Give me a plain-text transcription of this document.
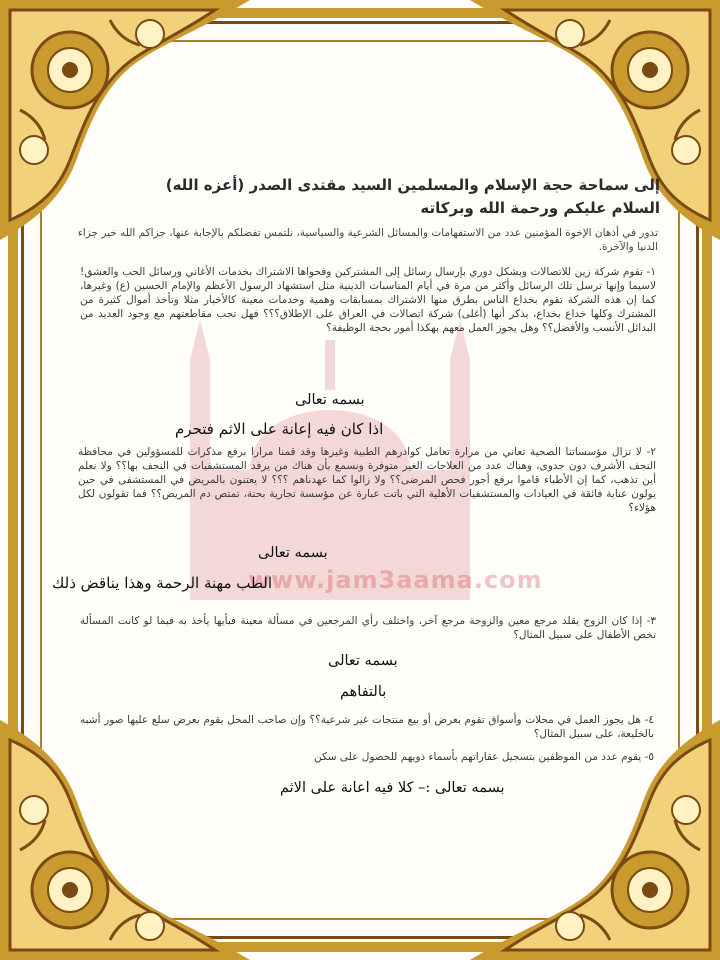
www.jam3aama.com
إلى سماحة حجة الإسلام والمسلمين السيد مقتدى الصدر (أعزه الله)
السلام عليكم ورحمة الله وبركاته
تدور في أذهان الإخوة المؤمنين عدد من الاستفهامات والمسائل الشرعية والسياسية، نلتمس تفضلكم بالإجابة عنها، جزاكم الله خير جزاء الدنيا والآخرة.
١- تقوم شركة زين للاتصالات وبشكل دوري بإرسال رسائل إلى المشتركين وفحواها الاشتراك بخدمات الأغاني ورسائل الحب والعشق! لاسيما وإنها ترسل تلك الرسائل وأكثر من مرة في أيام المناسبات الدينية مثل استشهاد الرسول الأعظم والإمام الحسين (ع) وغيرها، كما إن هذه الشركة تقوم بخداع الناس بطرق منها الاشتراك بمسابقات وهمية وخدمات معينة كالأخبار مثلا وتأخذ أموال كثيرة من المشترك وكلها خداع بخداع، يذكر أنها (أغلى) شركة اتصالات في العراق على الإطلاق؟؟؟ فهل تجب مقاطعتهم مع وجود العديد من البدائل الأنسب والأفضل؟؟ وهل يجوز العمل معهم بهكذا أمور بحجة الوظيفة؟
٢- لا تزال مؤسساتنا الصحية تعاني من مرارة تعامل كوادرهم الطبية وغيرها وقد قمنا مرارا برفع مذكرات للمسؤولين في محافظة النجف الأشرف دون جدوى، وهناك عدد من العلاجات الغير متوفرة ونسمع بأن هناك من يرفد المستشفيات في النجف بها؟؟ ولا نعلم أين تذهب، كما إن الأطباء قاموا برفع أجور فحص المرضى؟؟ ولا زالوا كما عهدناهم ؟؟؟ لا يعتنون بالمريض في المستشفى في حين يولون عناية فائقة في العيادات والمستشفيات الأهلية التي باتت عبارة عن مؤسسة تجارية بحتة، تمتص دم المريض؟؟ فما تقولون لكل هؤلاء؟
٣- إذا كان الزوج يقلد مرجع معين والزوجة مرجع آخر، واختلف رأي المرجعين في مسألة معينة فبأيها يأخذ به فيما لو كانت المسألة تخص الأطفال على سبيل المثال؟
٤- هل يجوز العمل في محلات وأسواق تقوم بعرض أو بيع منتجات غير شرعية؟؟ وإن صاحب المحل يقوم بعرض سلع عليها صور أشبه بالخليعة، على سبيل المثال؟
٥- يقوم عدد من الموظفين بتسجيل عقاراتهم بأسماء ذويهم للحصول على سكن
بسمه تعالى
اذا كان فيه إعانة على الاثم فتحرم
بسمه تعالى
الطب مهنة الرحمة وهذا يناقض ذلك
بسمه تعالى
بالتفاهم
بسمه تعالى :– كلا فيه اعانة على الاثم
